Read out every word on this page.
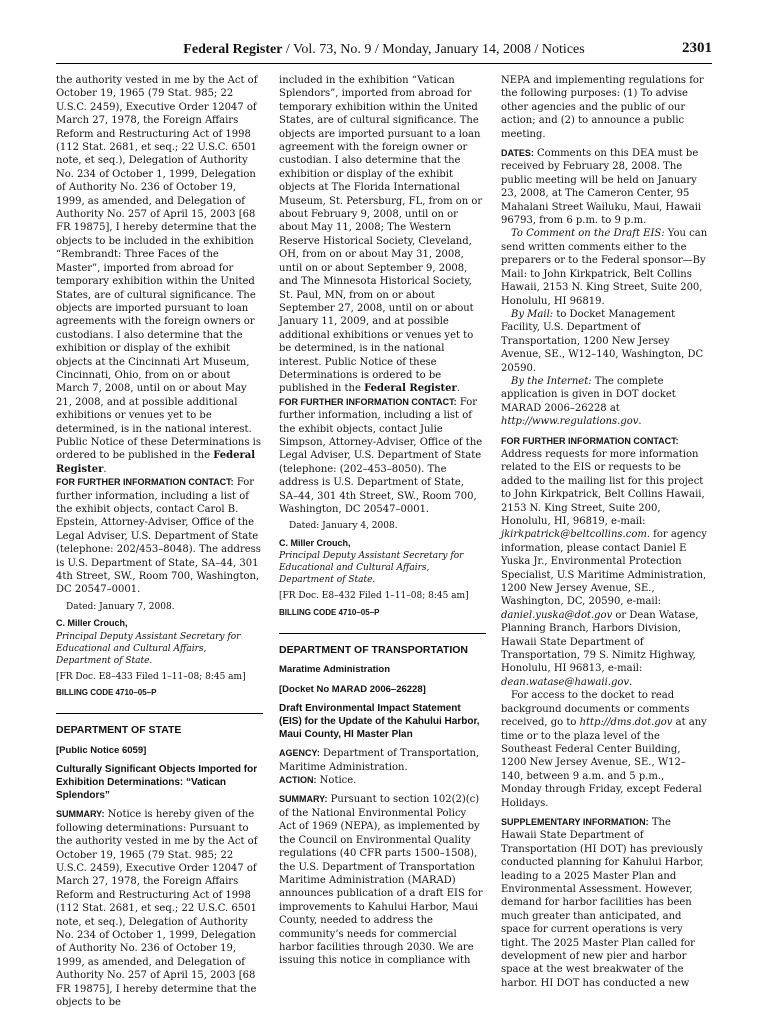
Federal Register / Vol. 73, No. 9 / Monday, January 14, 2008 / Notices	2301

the authority vested in me by the Act of October 19, 1965 (79 Stat. 985; 22 U.S.C. 2459), Executive Order 12047 of March 27, 1978, the Foreign Affairs Reform and Restructuring Act of 1998 (112 Stat. 2681, et seq.; 22 U.S.C. 6501 note, et seq.), Delegation of Authority No. 234 of October 1, 1999, Delegation of Authority No. 236 of October 19, 1999, as amended, and Delegation of Authority No. 257 of April 15, 2003 [68 FR 19875], I hereby determine that the objects to be included in the exhibition “Rembrandt: Three Faces of the Master”, imported from abroad for temporary exhibition within the United States, are of cultural significance. The objects are imported pursuant to loan agreements with the foreign owners or custodians. I also determine that the exhibition or display of the exhibit objects at the Cincinnati Art Museum, Cincinnati, Ohio, from on or about March 7, 2008, until on or about May 21, 2008, and at possible additional exhibitions or venues yet to be determined, is in the national interest. Public Notice of these Determinations is ordered to be published in the Federal Register.

FOR FURTHER INFORMATION CONTACT: For further information, including a list of the exhibit objects, contact Carol B. Epstein, Attorney-Adviser, Office of the Legal Adviser, U.S. Department of State (telephone: 202/453–8048). The address is U.S. Department of State, SA–44, 301 4th Street, SW., Room 700, Washington, DC 20547–0001.

Dated: January 7, 2008.

C. Miller Crouch,

Principal Deputy Assistant Secretary for Educational and Cultural Affairs, Department of State.

[FR Doc. E8–433 Filed 1–11–08; 8:45 am]

BILLING CODE 4710–05–P

DEPARTMENT OF STATE

[Public Notice 6059]

Culturally Significant Objects Imported for Exhibition Determinations: “Vatican Splendors”

SUMMARY: Notice is hereby given of the following determinations: Pursuant to the authority vested in me by the Act of October 19, 1965 (79 Stat. 985; 22 U.S.C. 2459), Executive Order 12047 of March 27, 1978, the Foreign Affairs Reform and Restructuring Act of 1998 (112 Stat. 2681, et seq.; 22 U.S.C. 6501 note, et seq.), Delegation of Authority No. 234 of October 1, 1999, Delegation of Authority No. 236 of October 19, 1999, as amended, and Delegation of Authority No. 257 of April 15, 2003 [68 FR 19875], I hereby determine that the objects to be

included in the exhibition “Vatican Splendors”, imported from abroad for temporary exhibition within the United States, are of cultural significance. The objects are imported pursuant to a loan agreement with the foreign owner or custodian. I also determine that the exhibition or display of the exhibit objects at The Florida International Museum, St. Petersburg, FL, from on or about February 9, 2008, until on or about May 11, 2008; The Western Reserve Historical Society, Cleveland, OH, from on or about May 31, 2008, until on or about September 9, 2008, and The Minnesota Historical Society, St. Paul, MN, from on or about September 27, 2008, until on or about January 11, 2009, and at possible additional exhibitions or venues yet to be determined, is in the national interest. Public Notice of these Determinations is ordered to be published in the Federal Register.

FOR FURTHER INFORMATION CONTACT: For further information, including a list of the exhibit objects, contact Julie Simpson, Attorney-Adviser, Office of the Legal Adviser, U.S. Department of State (telephone: (202–453–8050). The address is U.S. Department of State, SA–44, 301 4th Street, SW., Room 700, Washington, DC 20547–0001.

Dated: January 4, 2008.

C. Miller Crouch,

Principal Deputy Assistant Secretary for Educational and Cultural Affairs, Department of State.

[FR Doc. E8–432 Filed 1–11–08; 8:45 am]

BILLING CODE 4710–05–P

DEPARTMENT OF TRANSPORTATION

Maratime Administration

[Docket No MARAD 2006–26228]

Draft Environmental Impact Statement (EIS) for the Update of the Kahului Harbor, Maui County, HI Master Plan

AGENCY: Department of Transportation, Maritime Administration.

ACTION: Notice.

SUMMARY: Pursuant to section 102(2)(c) of the National Environmental Policy Act of 1969 (NEPA), as implemented by the Council on Environmental Quality regulations (40 CFR parts 1500–1508), the U.S. Department of Transportation Maritime Administration (MARAD) announces publication of a draft EIS for improvements to Kahului Harbor, Maui County, needed to address the community’s needs for commercial harbor facilities through 2030. We are issuing this notice in compliance with

NEPA and implementing regulations for the following purposes: (1) To advise other agencies and the public of our action; and (2) to announce a public meeting.

DATES: Comments on this DEA must be received by February 28, 2008. The public meeting will be held on January 23, 2008, at The Cameron Center, 95 Mahalani Street Wailuku, Maui, Hawaii 96793, from 6 p.m. to 9 p.m.

To Comment on the Draft EIS: You can send written comments either to the preparers or to the Federal sponsor—By Mail: to John Kirkpatrick, Belt Collins Hawaii, 2153 N. King Street, Suite 200, Honolulu, HI 96819.

By Mail: to Docket Management Facility, U.S. Department of Transportation, 1200 New Jersey Avenue, SE., W12–140, Washington, DC 20590.

By the Internet: The complete application is given in DOT docket MARAD 2006–26228 at http://www.regulations.gov.

FOR FURTHER INFORMATION CONTACT:
Address requests for more information related to the EIS or requests to be added to the mailing list for this project to John Kirkpatrick, Belt Collins Hawaii, 2153 N. King Street, Suite 200, Honolulu, HI, 96819, e-mail: jkirkpatrick@beltcollins.com. for agency information, please contact Daniel E Yuska Jr., Environmental Protection Specialist, U.S Maritime Administration, 1200 New Jersey Avenue, SE., Washington, DC, 20590, e-mail: daniel.yuska@dot.gov or Dean Watase, Planning Branch, Harbors Division, Hawaii State Department of Transportation, 79 S. Nimitz Highway, Honolulu, HI 96813, e-mail: dean.watase@hawaii.gov.

For access to the docket to read background documents or comments received, go to http://dms.dot.gov at any time or to the plaza level of the Southeast Federal Center Building, 1200 New Jersey Avenue, SE., W12–140, between 9 a.m. and 5 p.m., Monday through Friday, except Federal Holidays.

SUPPLEMENTARY INFORMATION: The Hawaii State Department of Transportation (HI DOT) has previously conducted planning for Kahului Harbor, leading to a 2025 Master Plan and Environmental Assessment. However, demand for harbor facilities has been much greater than anticipated, and space for current operations is very tight. The 2025 Master Plan called for development of new pier and harbor space at the west breakwater of the harbor. HI DOT has conducted a new
